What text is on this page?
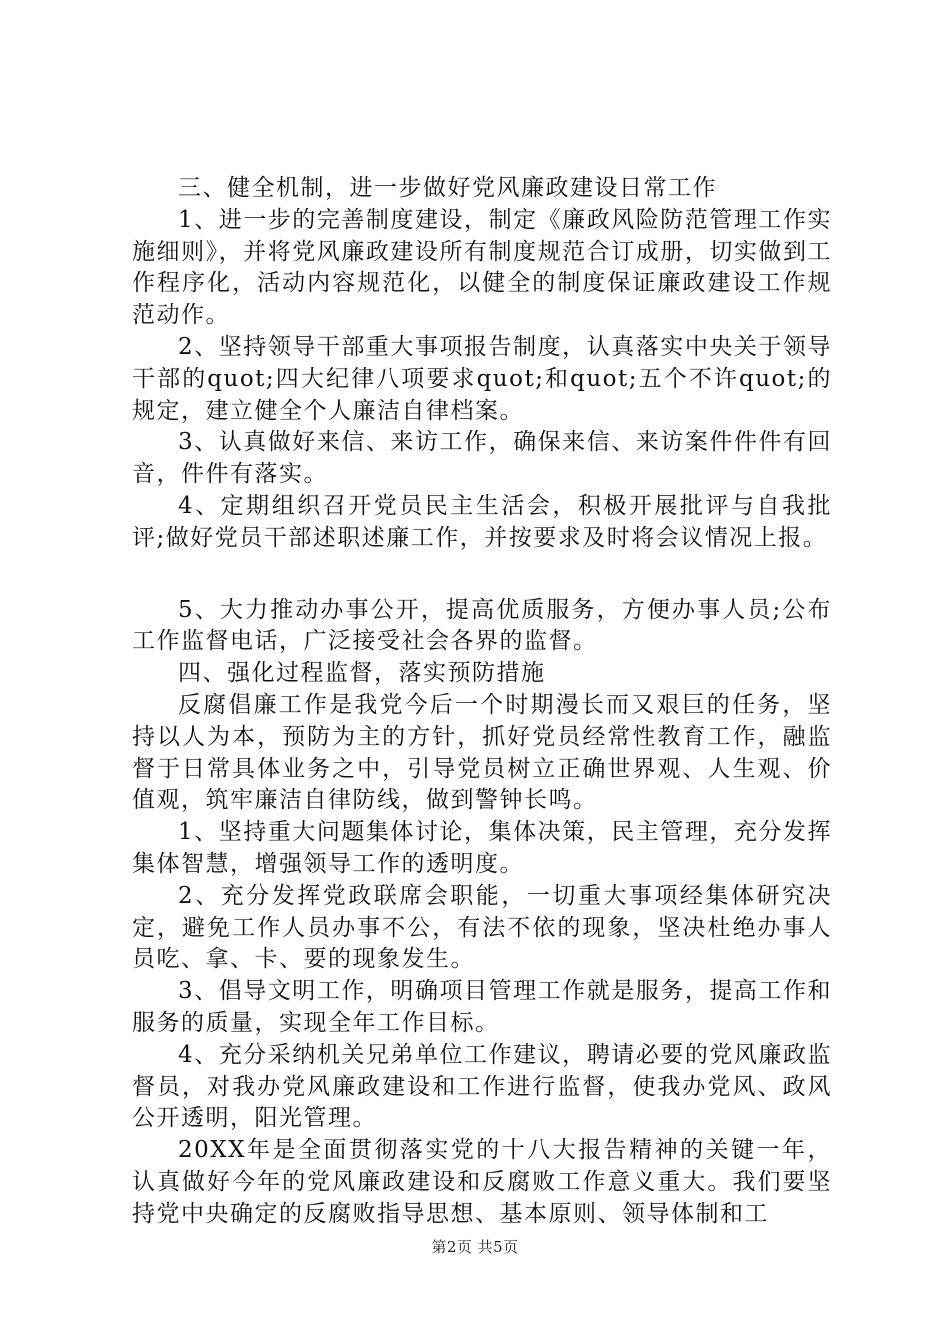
三、健全机制，进一步做好党风廉政建设日常工作

1、进一步的完善制度建设，制定《廉政风险防范管理工作实施细则》，并将党风廉政建设所有制度规范合订成册，切实做到工作程序化，活动内容规范化，以健全的制度保证廉政建设工作规范动作。

2、坚持领导干部重大事项报告制度，认真落实中央关于领导干部的quot;四大纪律八项要求quot;和quot;五个不许quot;的规定，建立健全个人廉洁自律档案。

3、认真做好来信、来访工作，确保来信、来访案件件件有回音，件件有落实。

4、定期组织召开党员民主生活会，积极开展批评与自我批评;做好党员干部述职述廉工作，并按要求及时将会议情况上报。

5、大力推动办事公开，提高优质服务，方便办事人员;公布工作监督电话，广泛接受社会各界的监督。

四、强化过程监督，落实预防措施

反腐倡廉工作是我党今后一个时期漫长而又艰巨的任务，坚持以人为本，预防为主的方针，抓好党员经常性教育工作，融监督于日常具体业务之中，引导党员树立正确世界观、人生观、价值观，筑牢廉洁自律防线，做到警钟长鸣。

1、坚持重大问题集体讨论，集体决策，民主管理，充分发挥集体智慧，增强领导工作的透明度。

2、充分发挥党政联席会职能，一切重大事项经集体研究决定，避免工作人员办事不公，有法不依的现象，坚决杜绝办事人员吃、拿、卡、要的现象发生。

3、倡导文明工作，明确项目管理工作就是服务，提高工作和服务的质量，实现全年工作目标。

4、充分采纳机关兄弟单位工作建议，聘请必要的党风廉政监督员，对我办党风廉政建设和工作进行监督，使我办党风、政风公开透明，阳光管理。

20XX年是全面贯彻落实党的十八大报告精神的关键一年，认真做好今年的党风廉政建设和反腐败工作意义重大。我们要坚持党中央确定的反腐败指导思想、基本原则、领导体制和工

第2页 共5页
